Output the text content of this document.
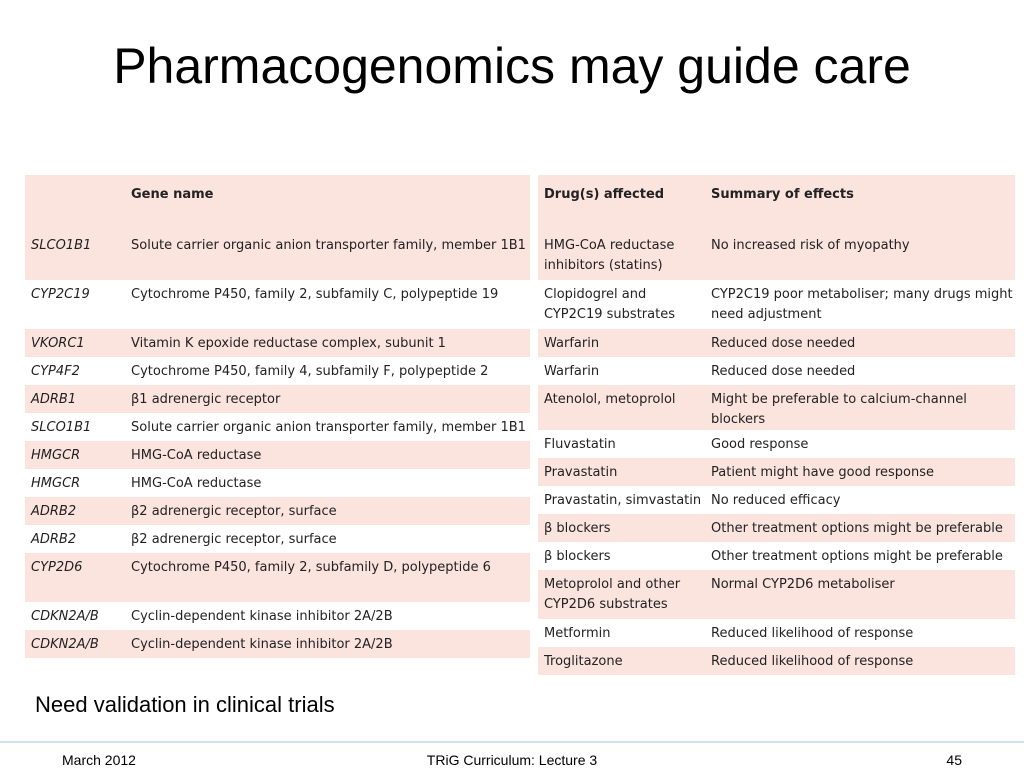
Pharmacogenomics may guide care
	Gene name
SLCO1B1	Solute carrier organic anion transporter family, member 1B1
CYP2C19	Cytochrome P450, family 2, subfamily C, polypeptide 19
VKORC1	Vitamin K epoxide reductase complex, subunit 1
CYP4F2	Cytochrome P450, family 4, subfamily F, polypeptide 2
ADRB1	β1 adrenergic receptor
SLCO1B1	Solute carrier organic anion transporter family, member 1B1
HMGCR	HMG-CoA reductase
HMGCR	HMG-CoA reductase
ADRB2	β2 adrenergic receptor, surface
ADRB2	β2 adrenergic receptor, surface
CYP2D6	Cytochrome P450, family 2, subfamily D, polypeptide 6
CDKN2A/B	Cyclin-dependent kinase inhibitor 2A/2B
CDKN2A/B	Cyclin-dependent kinase inhibitor 2A/2B
Drug(s) affected	Summary of effects
HMG-CoA reductase inhibitors (statins)	No increased risk of myopathy
Clopidogrel and CYP2C19 substrates	CYP2C19 poor metaboliser; many drugs might need adjustment
Warfarin	Reduced dose needed
Warfarin	Reduced dose needed
Atenolol, metoprolol	Might be preferable to calcium-channel blockers
Fluvastatin	Good response
Pravastatin	Patient might have good response
Pravastatin, simvastatin	No reduced efficacy
β blockers	Other treatment options might be preferable
β blockers	Other treatment options might be preferable
Metoprolol and other CYP2D6 substrates	Normal CYP2D6 metaboliser
Metformin	Reduced likelihood of response
Troglitazone	Reduced likelihood of response
Need validation in clinical trials
March 2012	TRiG Curriculum: Lecture 3	45
